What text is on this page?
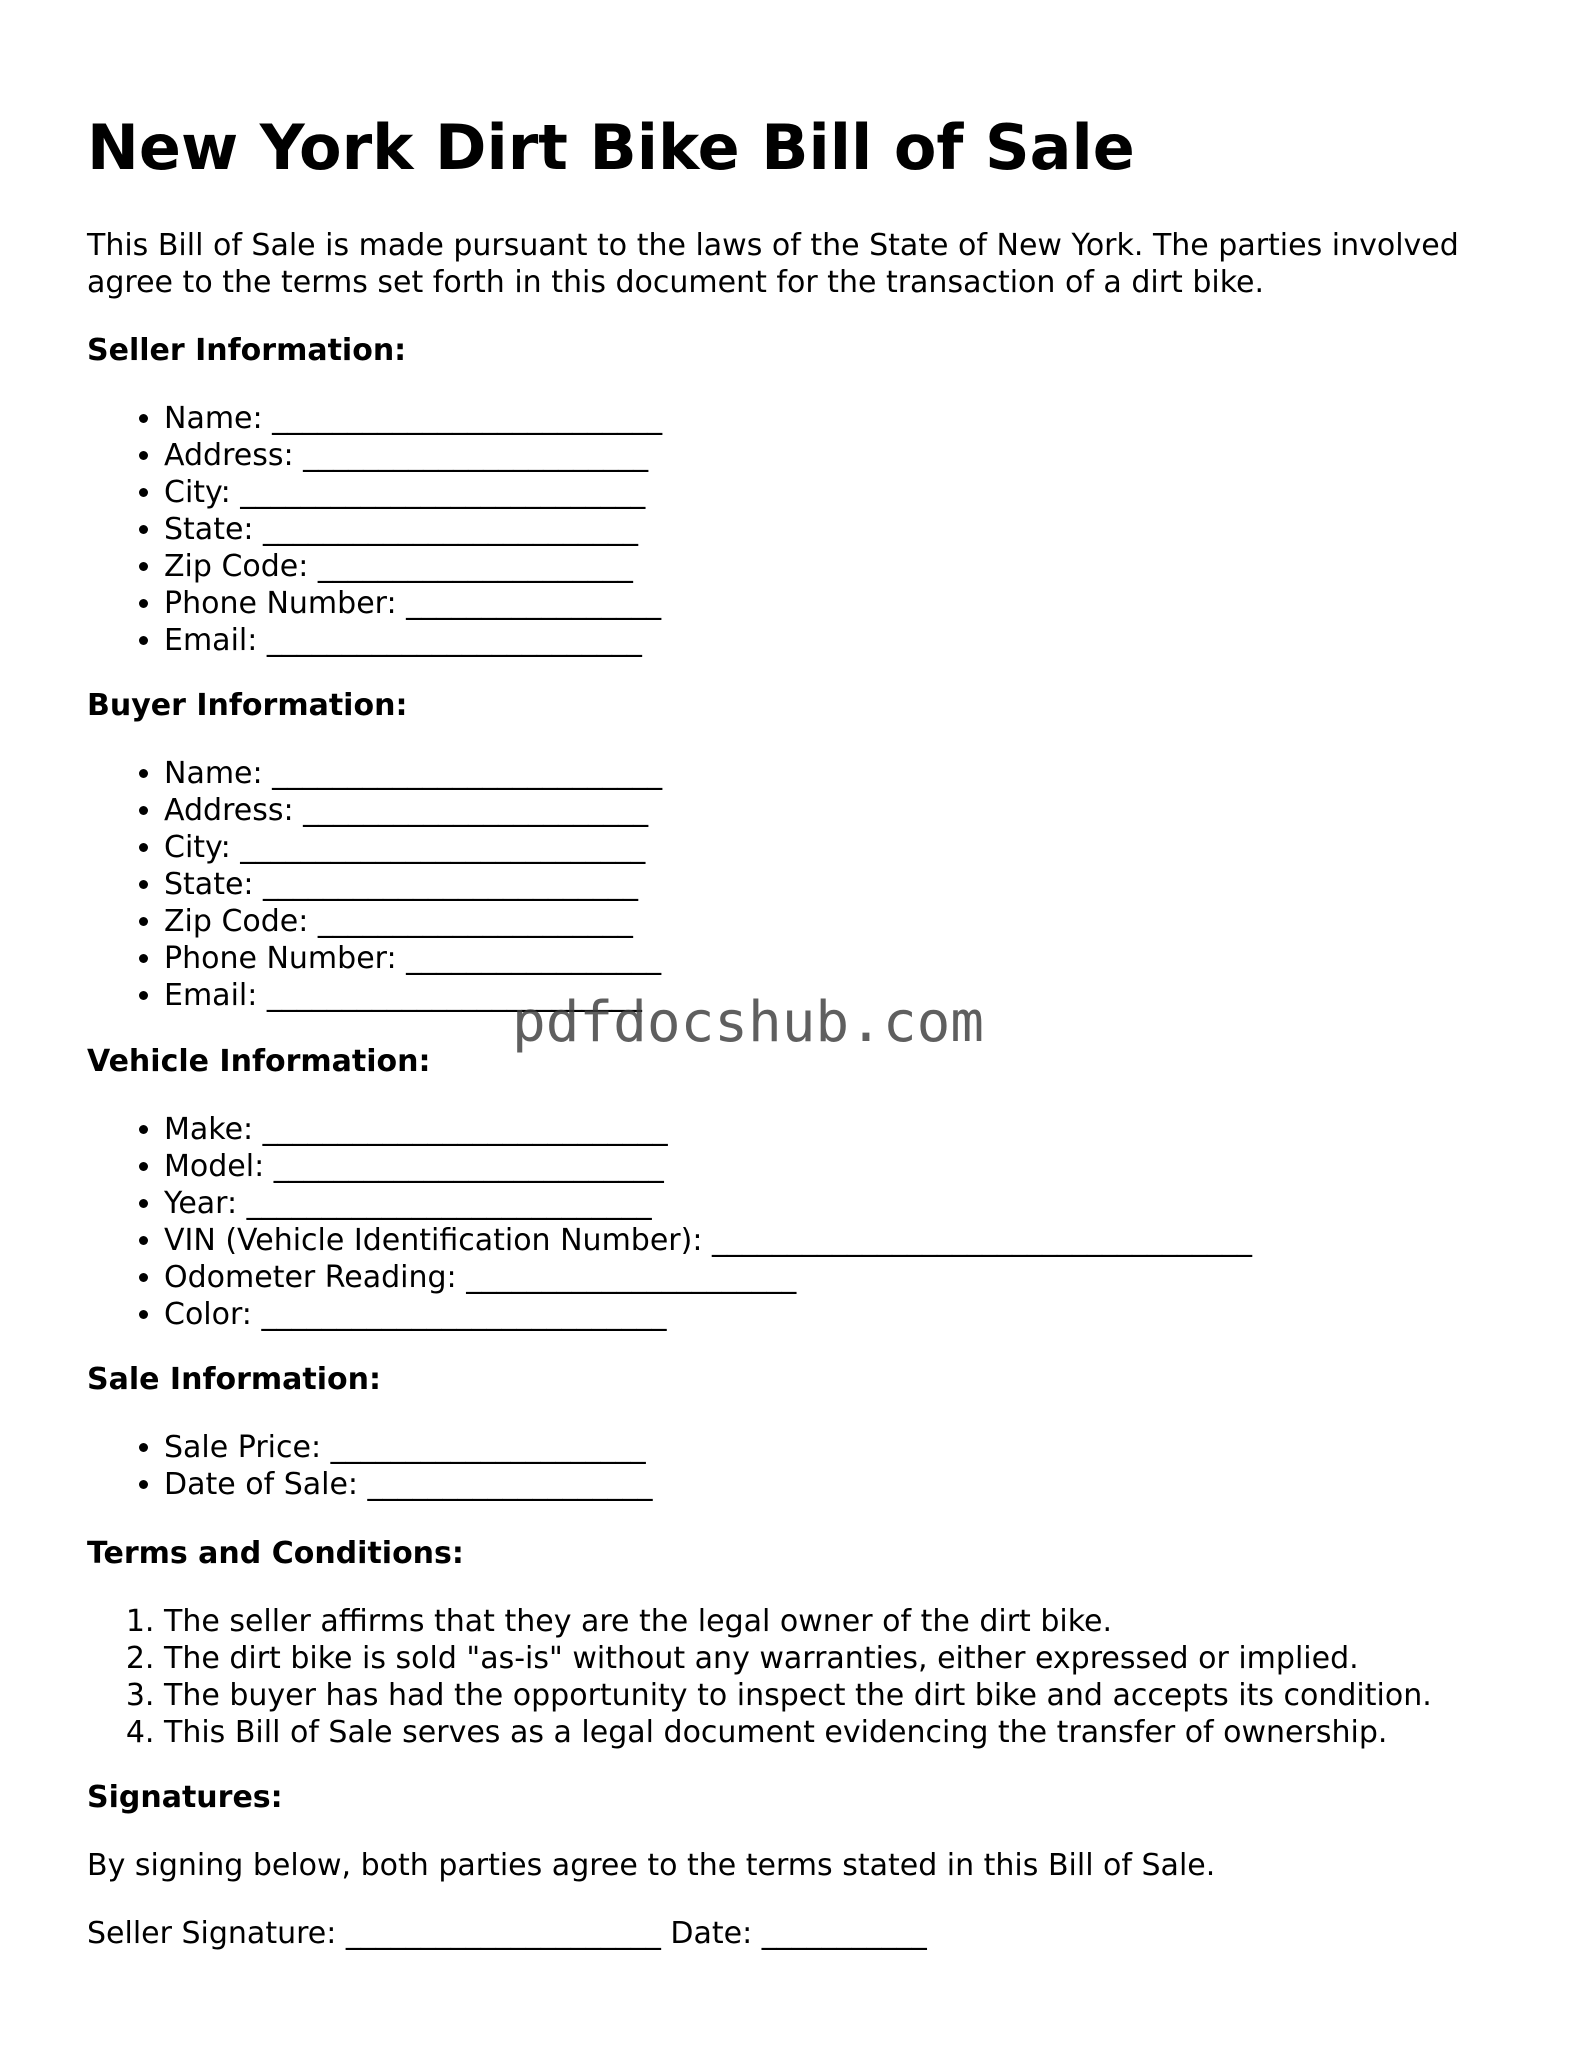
New York Dirt Bike Bill of Sale

This Bill of Sale is made pursuant to the laws of the State of New York. The parties involved agree to the terms set forth in this document for the transaction of a dirt bike.

Seller Information:

• Name: __________________________
• Address: _______________________
• City: ___________________________
• State: _________________________
• Zip Code: _____________________
• Phone Number: _________________
• Email: _________________________

Buyer Information:

• Name: __________________________
• Address: _______________________
• City: ___________________________
• State: _________________________
• Zip Code: _____________________
• Phone Number: _________________
• Email: _________________________

Vehicle Information:

• Make: ___________________________
• Model: __________________________
• Year: ___________________________
• VIN (Vehicle Identification Number): ____________________________________
• Odometer Reading: ______________________
• Color: ___________________________

Sale Information:

• Sale Price: _____________________
• Date of Sale: ___________________

Terms and Conditions:

1. The seller affirms that they are the legal owner of the dirt bike.
2. The dirt bike is sold "as-is" without any warranties, either expressed or implied.
3. The buyer has had the opportunity to inspect the dirt bike and accepts its condition.
4. This Bill of Sale serves as a legal document evidencing the transfer of ownership.

Signatures:

By signing below, both parties agree to the terms stated in this Bill of Sale.

Seller Signature: _____________________ Date: ___________

pdfdocshub.com
